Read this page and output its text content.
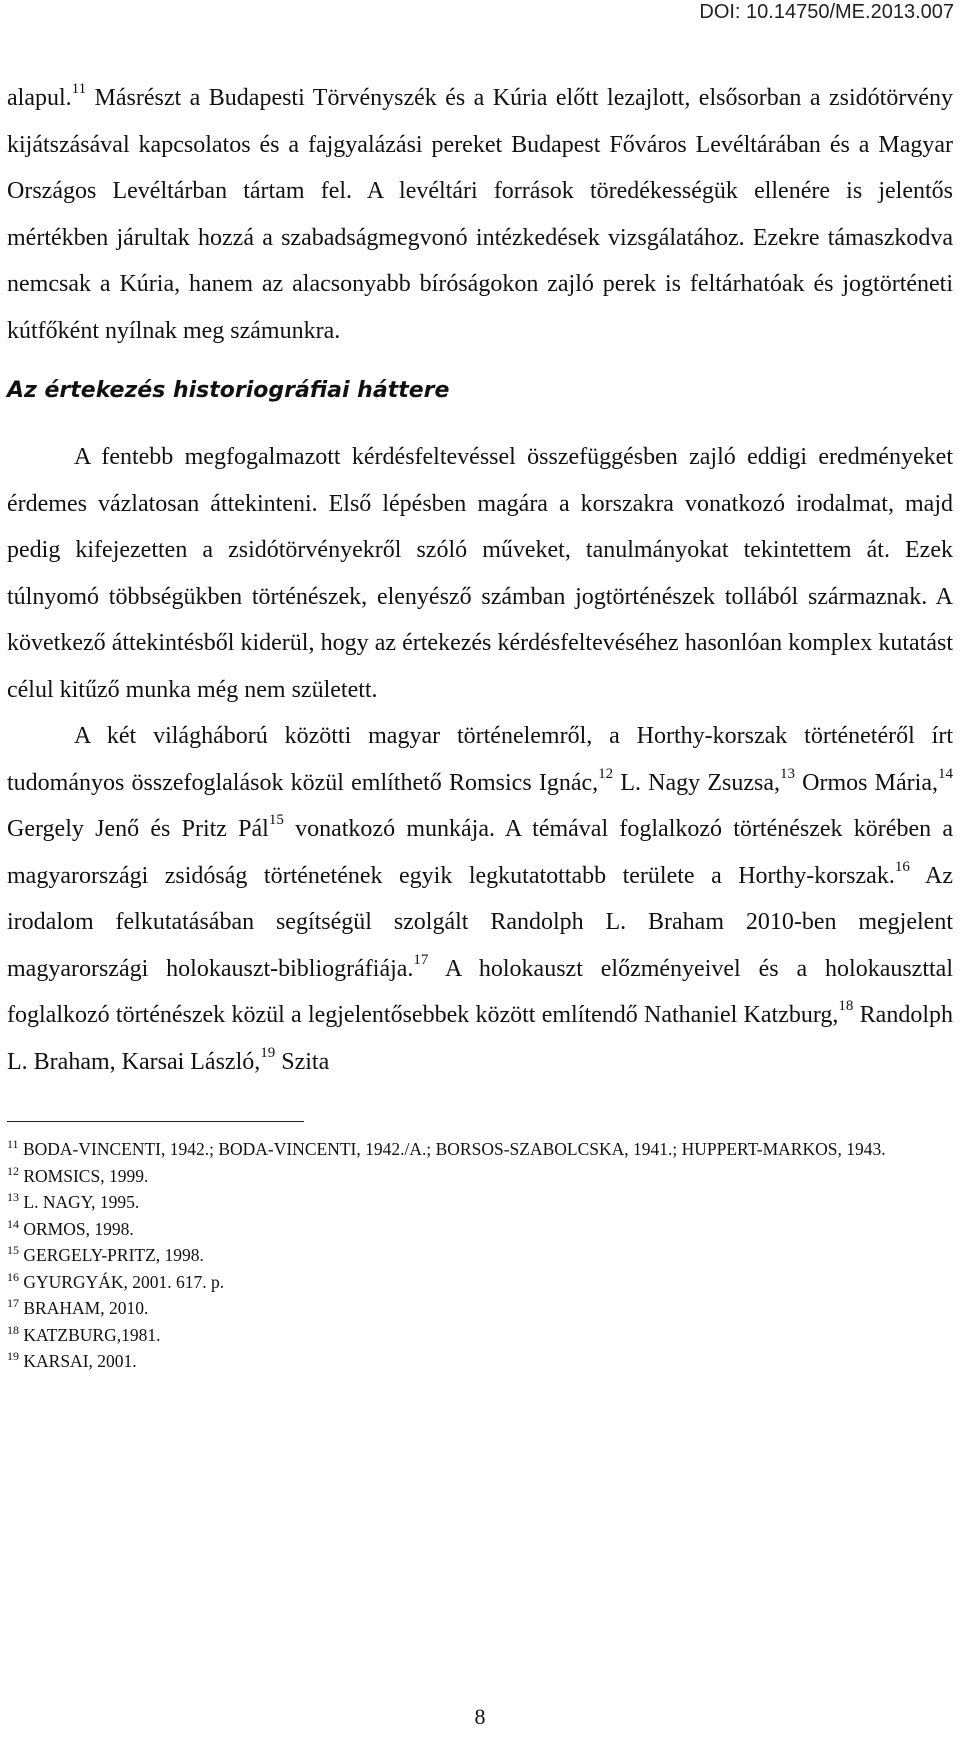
DOI: 10.14750/ME.2013.007

alapul.$^{11}$ Másrészt a Budapesti Törvényszék és a Kúria előtt lezajlott, elsősorban a zsidótörvény kijátszásával kapcsolatos és a fajgyalázási pereket Budapest Főváros Levéltárában és a Magyar Országos Levéltárban tártam fel. A levéltári források töredékességük ellenére is jelentős mértékben járultak hozzá a szabadságmegvonó intézkedések vizsgálatához. Ezekre támaszkodva nemcsak a Kúria, hanem az alacsonyabb bíróságokon zajló perek is feltárhatóak és jogtörténeti kútfőként nyílnak meg számunkra.

Az értekezés historiográfiai háttere

A fentebb megfogalmazott kérdésfeltevéssel összefüggésben zajló eddigi eredményeket érdemes vázlatosan áttekinteni. Első lépésben magára a korszakra vonatkozó irodalmat, majd pedig kifejezetten a zsidótörvényekről szóló műveket, tanulmányokat tekintettem át. Ezek túlnyomó többségükben történészek, elenyésző számban jogtörténészek tollából származnak. A következő áttekintésből kiderül, hogy az értekezés kérdésfeltevéséhez hasonlóan komplex kutatást célul kitűző munka még nem született.

A két világháború közötti magyar történelemről, a Horthy-korszak történetéről írt tudományos összefoglalások közül említhető Romsics Ignác,$^{12}$ L. Nagy Zsuzsa,$^{13}$ Ormos Mária,$^{14}$ Gergely Jenő és Pritz Pál$^{15}$ vonatkozó munkája. A témával foglalkozó történészek körében a magyarországi zsidóság történetének egyik legkutatottabb területe a Horthy-korszak.$^{16}$ Az irodalom felkutatásában segítségül szolgált Randolph L. Braham 2010-ben megjelent magyarországi holokauszt-bibliográfiája.$^{17}$ A holokauszt előzményeivel és a holokauszttal foglalkozó történészek közül a legjelentősebbek között említendő Nathaniel Katzburg,$^{18}$ Randolph L. Braham, Karsai László,$^{19}$ Szita

$^{11}$ BODA-VINCENTI, 1942.; BODA-VINCENTI, 1942./A.; BORSOS-SZABOLCSKA, 1941.; HUPPERT-MARKOS, 1943.

$^{12}$ ROMSICS, 1999.

$^{13}$ L. NAGY, 1995.

$^{14}$ ORMOS, 1998.

$^{15}$ GERGELY-PRITZ, 1998.

$^{16}$ GYURGYÁK, 2001. 617. p.

$^{17}$ BRAHAM, 2010.

$^{18}$ KATZBURG,1981.

$^{19}$ KARSAI, 2001.

8
